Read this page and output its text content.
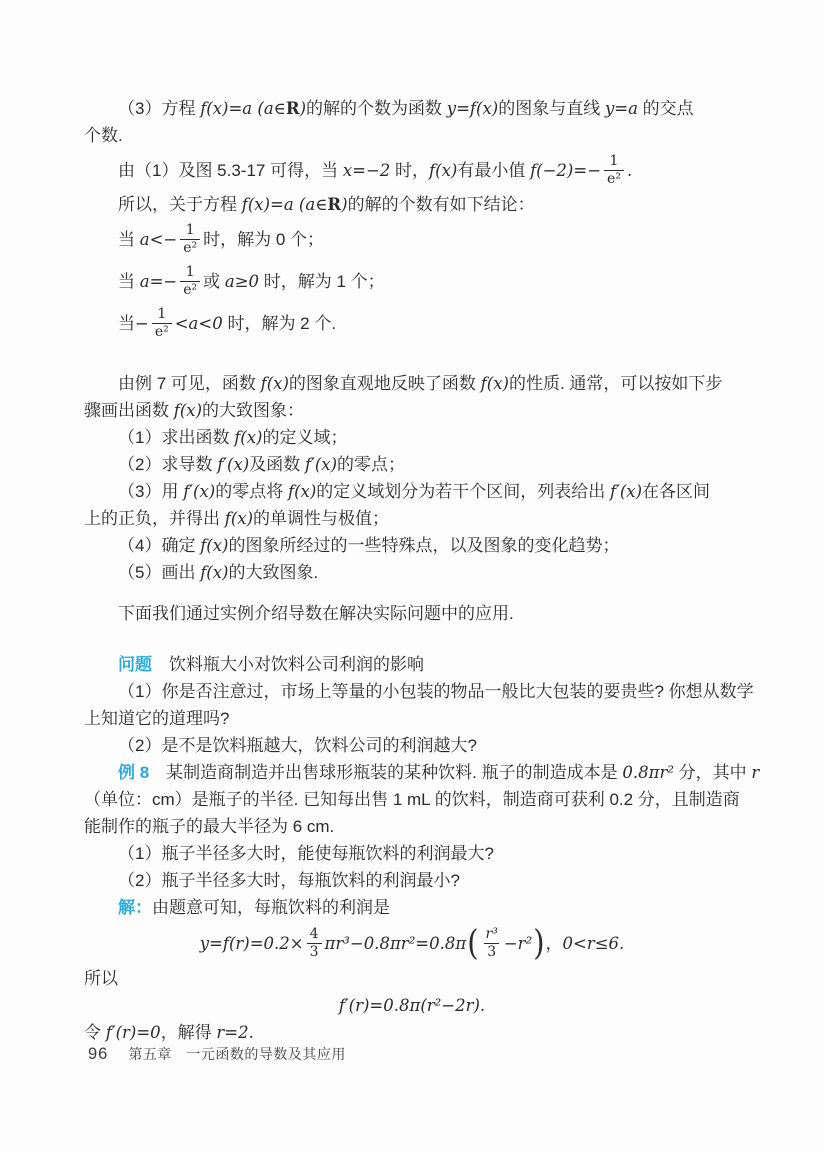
（3）方程 f(x)=a (a∈R)的解的个数为函数 y=f(x)的图象与直线 y=a 的交点

个数.

由（1）及图 5.3-17 可得，当 x=−2 时， f(x) 有最小值 $f(-2)=- \frac{1}{\text{e²}}$ .

所以，关于方程 f(x)=a (a∈R)的解的个数有如下结论：

当 $a<- \frac{1}{\text{e²}}$ 时，解为 0 个；

当 $a=- \frac{1}{\text{e²}}$ 或 a≥0 时，解为 1 个；

当 − $\frac{1}{\text{e²}} <a<0$ 时，解为 2 个.

由例 7 可见，函数 f(x)的图象直观地反映了函数 f(x)的性质. 通常，可以按如下步

骤画出函数 f(x)的大致图象：

（1）求出函数 f(x)的定义域；

（2）求导数 f′(x)及函数 f′(x)的零点；

（3）用 f′(x)的零点将 f(x)的定义域划分为若干个区间，列表给出 f′(x)在各区间

上的正负，并得出 f(x)的单调性与极值；

（4）确定 f(x)的图象所经过的一些特殊点，以及图象的变化趋势；

（5）画出 f(x)的大致图象.

下面我们通过实例介绍导数在解决实际问题中的应用.

问题　饮料瓶大小对饮料公司利润的影响

（1）你是否注意过，市场上等量的小包装的物品一般比大包装的要贵些? 你想从数学

上知道它的道理吗?

（2）是不是饮料瓶越大，饮料公司的利润越大?

例 8　某制造商制造并出售球形瓶装的某种饮料. 瓶子的制造成本是 0.8πr² 分，其中 r

（单位：cm）是瓶子的半径. 已知每出售 1 mL 的饮料，制造商可获利 0.2 分，且制造商

能制作的瓶子的最大半径为 6 cm.

（1）瓶子半径多大时，能使每瓶饮料的利润最大?

（2）瓶子半径多大时，每瓶饮料的利润最小?

解：由题意可知，每瓶饮料的利润是

$y=f(r)=0.2\times \frac{4}{3} \pi r^3-0.8\pi r^2=0.8\pi$ ( $\frac{\text{r³}}{3} -r^2$ ) ， 0<r≤6.

所以

f′(r)=0.8π(r²−2r).

令 f′(r)=0，解得 r=2.

96 第五章　一元函数的导数及其应用
